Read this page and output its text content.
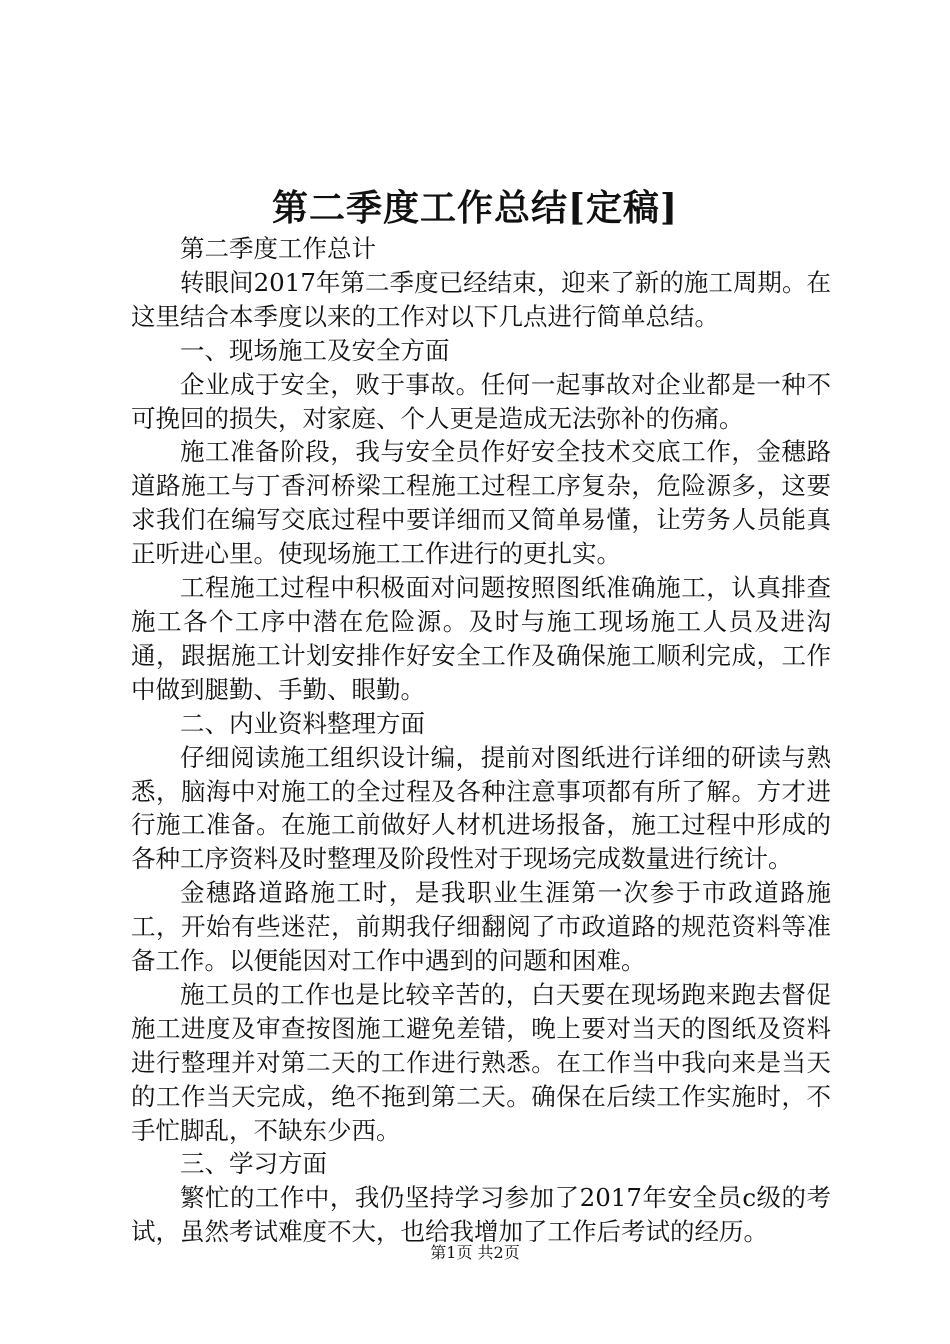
第二季度工作总结[定稿]

第二季度工作总计

转眼间2017年第二季度已经结束，迎来了新的施工周期。在这里结合本季度以来的工作对以下几点进行简单总结。

一、现场施工及安全方面

企业成于安全，败于事故。任何一起事故对企业都是一种不可挽回的损失，对家庭、个人更是造成无法弥补的伤痛。

施工准备阶段，我与安全员作好安全技术交底工作，金穗路道路施工与丁香河桥梁工程施工过程工序复杂，危险源多，这要求我们在编写交底过程中要详细而又简单易懂，让劳务人员能真正听进心里。使现场施工工作进行的更扎实。

工程施工过程中积极面对问题按照图纸准确施工，认真排查施工各个工序中潜在危险源。及时与施工现场施工人员及进沟通，跟据施工计划安排作好安全工作及确保施工顺利完成，工作中做到腿勤、手勤、眼勤。

二、内业资料整理方面

仔细阅读施工组织设计编，提前对图纸进行详细的研读与熟悉，脑海中对施工的全过程及各种注意事项都有所了解。方才进行施工准备。在施工前做好人材机进场报备，施工过程中形成的各种工序资料及时整理及阶段性对于现场完成数量进行统计。

金穗路道路施工时，是我职业生涯第一次参于市政道路施工，开始有些迷茫，前期我仔细翻阅了市政道路的规范资料等准备工作。以便能因对工作中遇到的问题和困难。

施工员的工作也是比较辛苦的，白天要在现场跑来跑去督促施工进度及审查按图施工避免差错，晚上要对当天的图纸及资料进行整理并对第二天的工作进行熟悉。在工作当中我向来是当天的工作当天完成，绝不拖到第二天。确保在后续工作实施时，不手忙脚乱，不缺东少西。

三、学习方面

繁忙的工作中，我仍坚持学习参加了2017年安全员c级的考试，虽然考试难度不大，也给我增加了工作后考试的经历。

第1页 共2页
